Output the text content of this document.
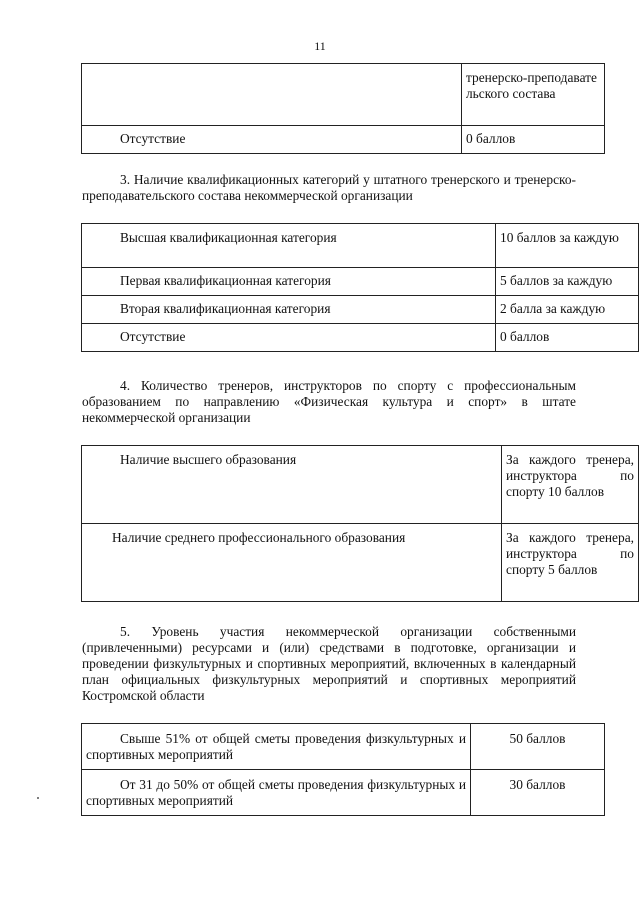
11
	тренерско-преподавательского состава
Отсутствие	0 баллов
3. Наличие квалификационных категорий у штатного тренерского и тренерско-преподавательского состава некоммерческой организации
Высшая квалификационная категория	10 баллов за каждую
Первая квалификационная категория	5 баллов за каждую
Вторая квалификационная категория	2 балла за каждую
Отсутствие	0 баллов
4. Количество тренеров, инструкторов по спорту с профессиональным образованием по направлению «Физическая культура и спорт» в штате некоммерческой организации
Наличие высшего образования	За каждого тренера, инструктора по спорту 10 баллов
Наличие среднего профессионального образования	За каждого тренера, инструктора по спорту 5 баллов
5. Уровень участия некоммерческой организации собственными (привлеченными) ресурсами и (или) средствами в подготовке, организации и проведении физкультурных и спортивных мероприятий, включенных в календарный план официальных физкультурных мероприятий и спортивных мероприятий Костромской области
Свыше 51% от общей сметы проведения физкультурных и спортивных мероприятий	50 баллов
От 31 до 50% от общей сметы проведения физкультурных и спортивных мероприятий	30 баллов
